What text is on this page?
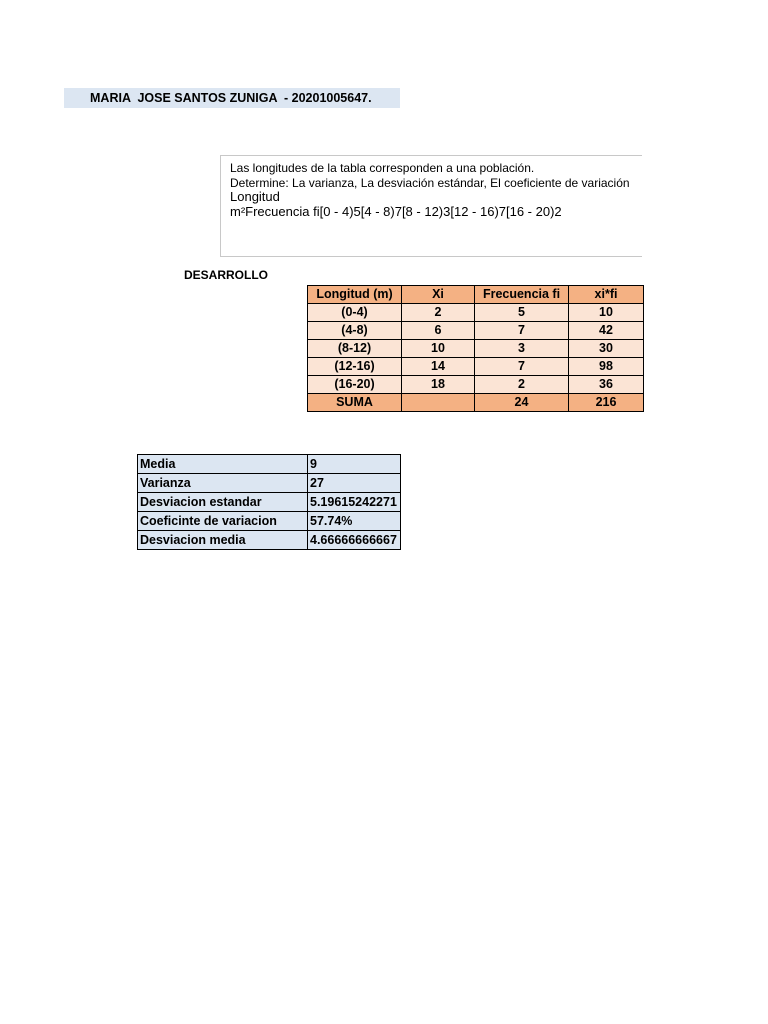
MARIA  JOSE SANTOS ZUNIGA  - 20201005647.
Las longitudes de la tabla corresponden a una población.
Determine: La varianza, La desviación estándar, El coeficiente de variación
Longitud
m²Frecuencia fi[0 - 4)5[4 - 8)7[8 - 12)3[12 - 16)7[16 - 20)2
DESARROLLO
Longitud (m)	Xi	Frecuencia fi	xi*fi
(0-4)	2	5	10
(4-8)	6	7	42
(8-12)	10	3	30
(12-16)	14	7	98
(16-20)	18	2	36
SUMA		24	216
Media	9
Varianza	27
Desviacion estandar	5.19615242271
Coeficinte de variacion	57.74%
Desviacion media	4.66666666667
